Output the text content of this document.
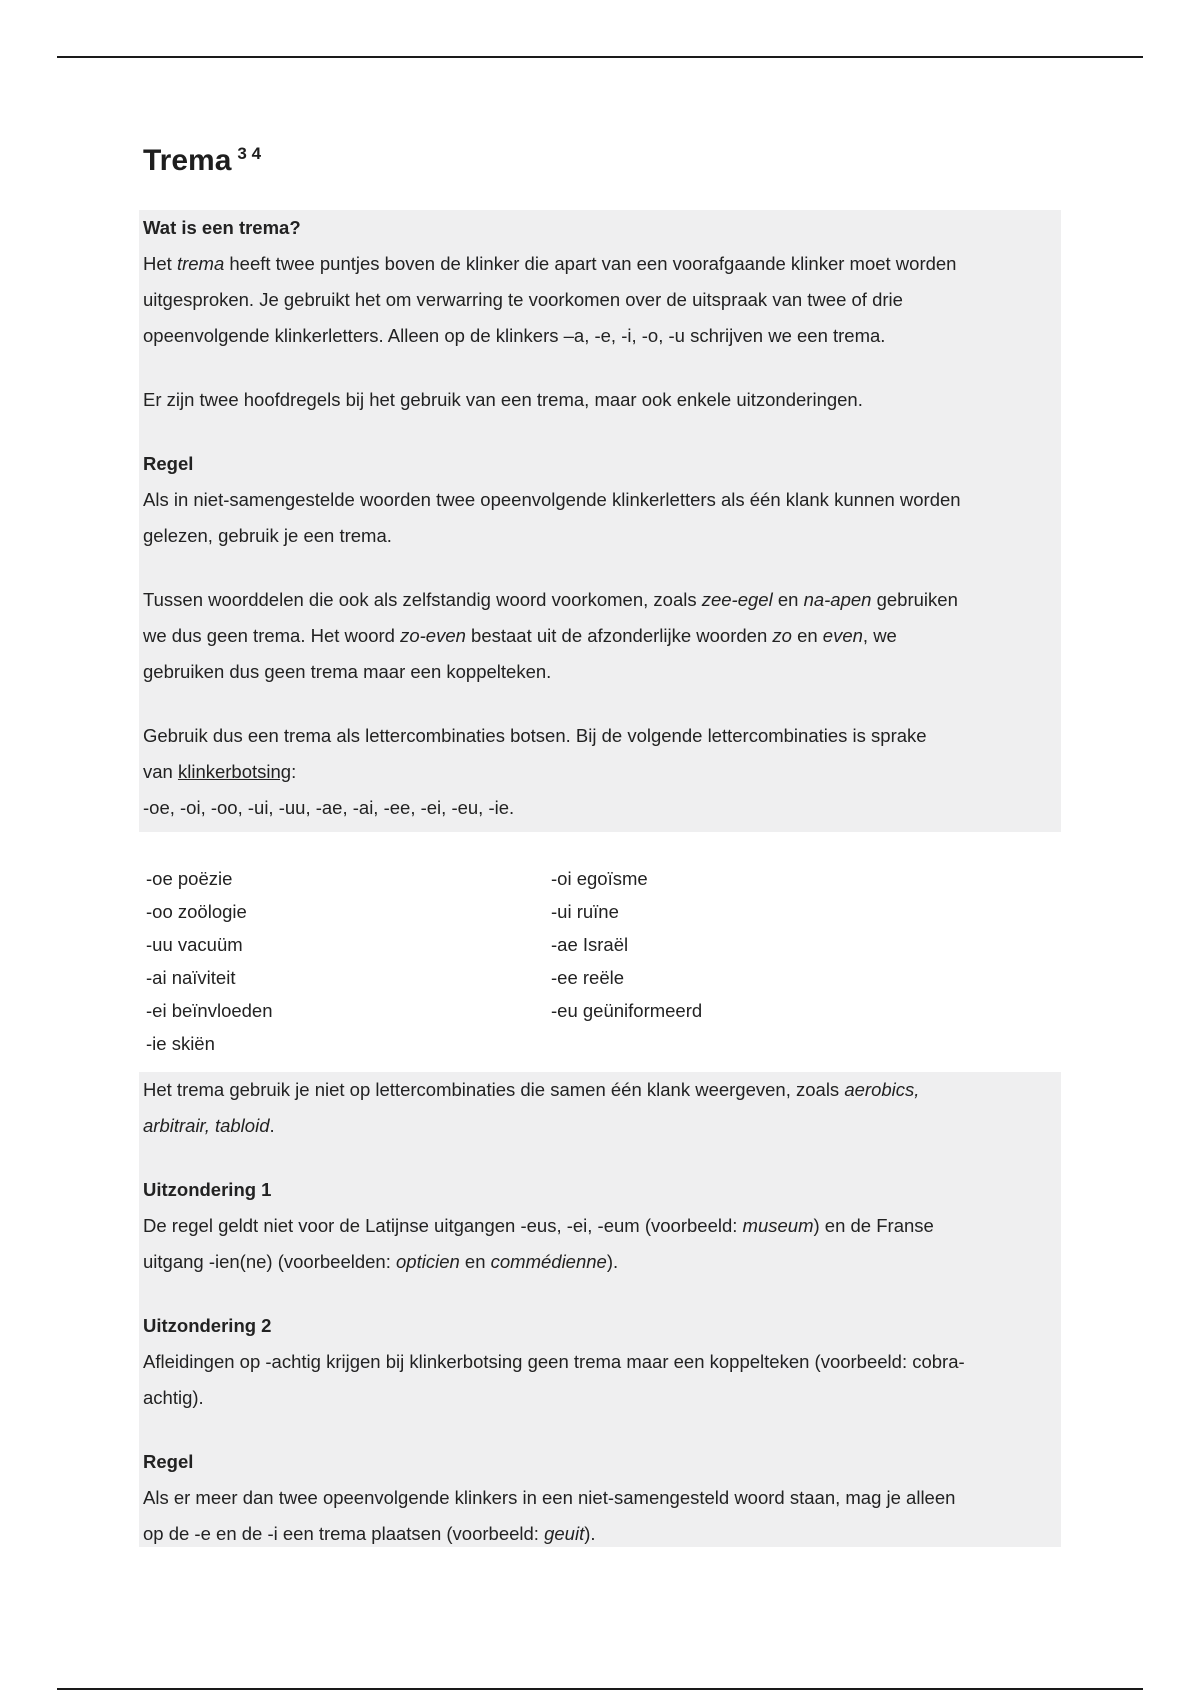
Trema $^{3 4}$

Wat is een trema?

Het trema heeft twee puntjes boven de klinker die apart van een voorafgaande klinker moet worden

uitgesproken. Je gebruikt het om verwarring te voorkomen over de uitspraak van twee of drie

opeenvolgende klinkerletters. Alleen op de klinkers –a, -e, -i, -o, -u schrijven we een trema.

Er zijn twee hoofdregels bij het gebruik van een trema, maar ook enkele uitzonderingen.

Regel

Als in niet-samengestelde woorden twee opeenvolgende klinkerletters als één klank kunnen worden

gelezen, gebruik je een trema.

Tussen woorddelen die ook als zelfstandig woord voorkomen, zoals zee-egel en na-apen gebruiken

we dus geen trema. Het woord zo-even bestaat uit de afzonderlijke woorden zo en even, we

gebruiken dus geen trema maar een koppelteken.

Gebruik dus een trema als lettercombinaties botsen. Bij de volgende lettercombinaties is sprake

van klinkerbotsing:

-oe, -oi, -oo, -ui, -uu, -ae, -ai, -ee, -ei, -eu, -ie.

-oe poëzie	-oi egoïsme
-oo zoölogie	-ui ruïne
-uu vacuüm	-ae Israël
-ai naïviteit	-ee reële
-ei beïnvloeden	-eu geüniformeerd
-ie skiën

Het trema gebruik je niet op lettercombinaties die samen één klank weergeven, zoals aerobics,

arbitrair, tabloid.

Uitzondering 1

De regel geldt niet voor de Latijnse uitgangen -eus, -ei, -eum (voorbeeld: museum) en de Franse

uitgang -ien(ne) (voorbeelden: opticien en commédienne).

Uitzondering 2

Afleidingen op -achtig krijgen bij klinkerbotsing geen trema maar een koppelteken (voorbeeld: cobra-

achtig).

Regel

Als er meer dan twee opeenvolgende klinkers in een niet-samengesteld woord staan, mag je alleen

op de -e en de -i een trema plaatsen (voorbeeld: geuit).
